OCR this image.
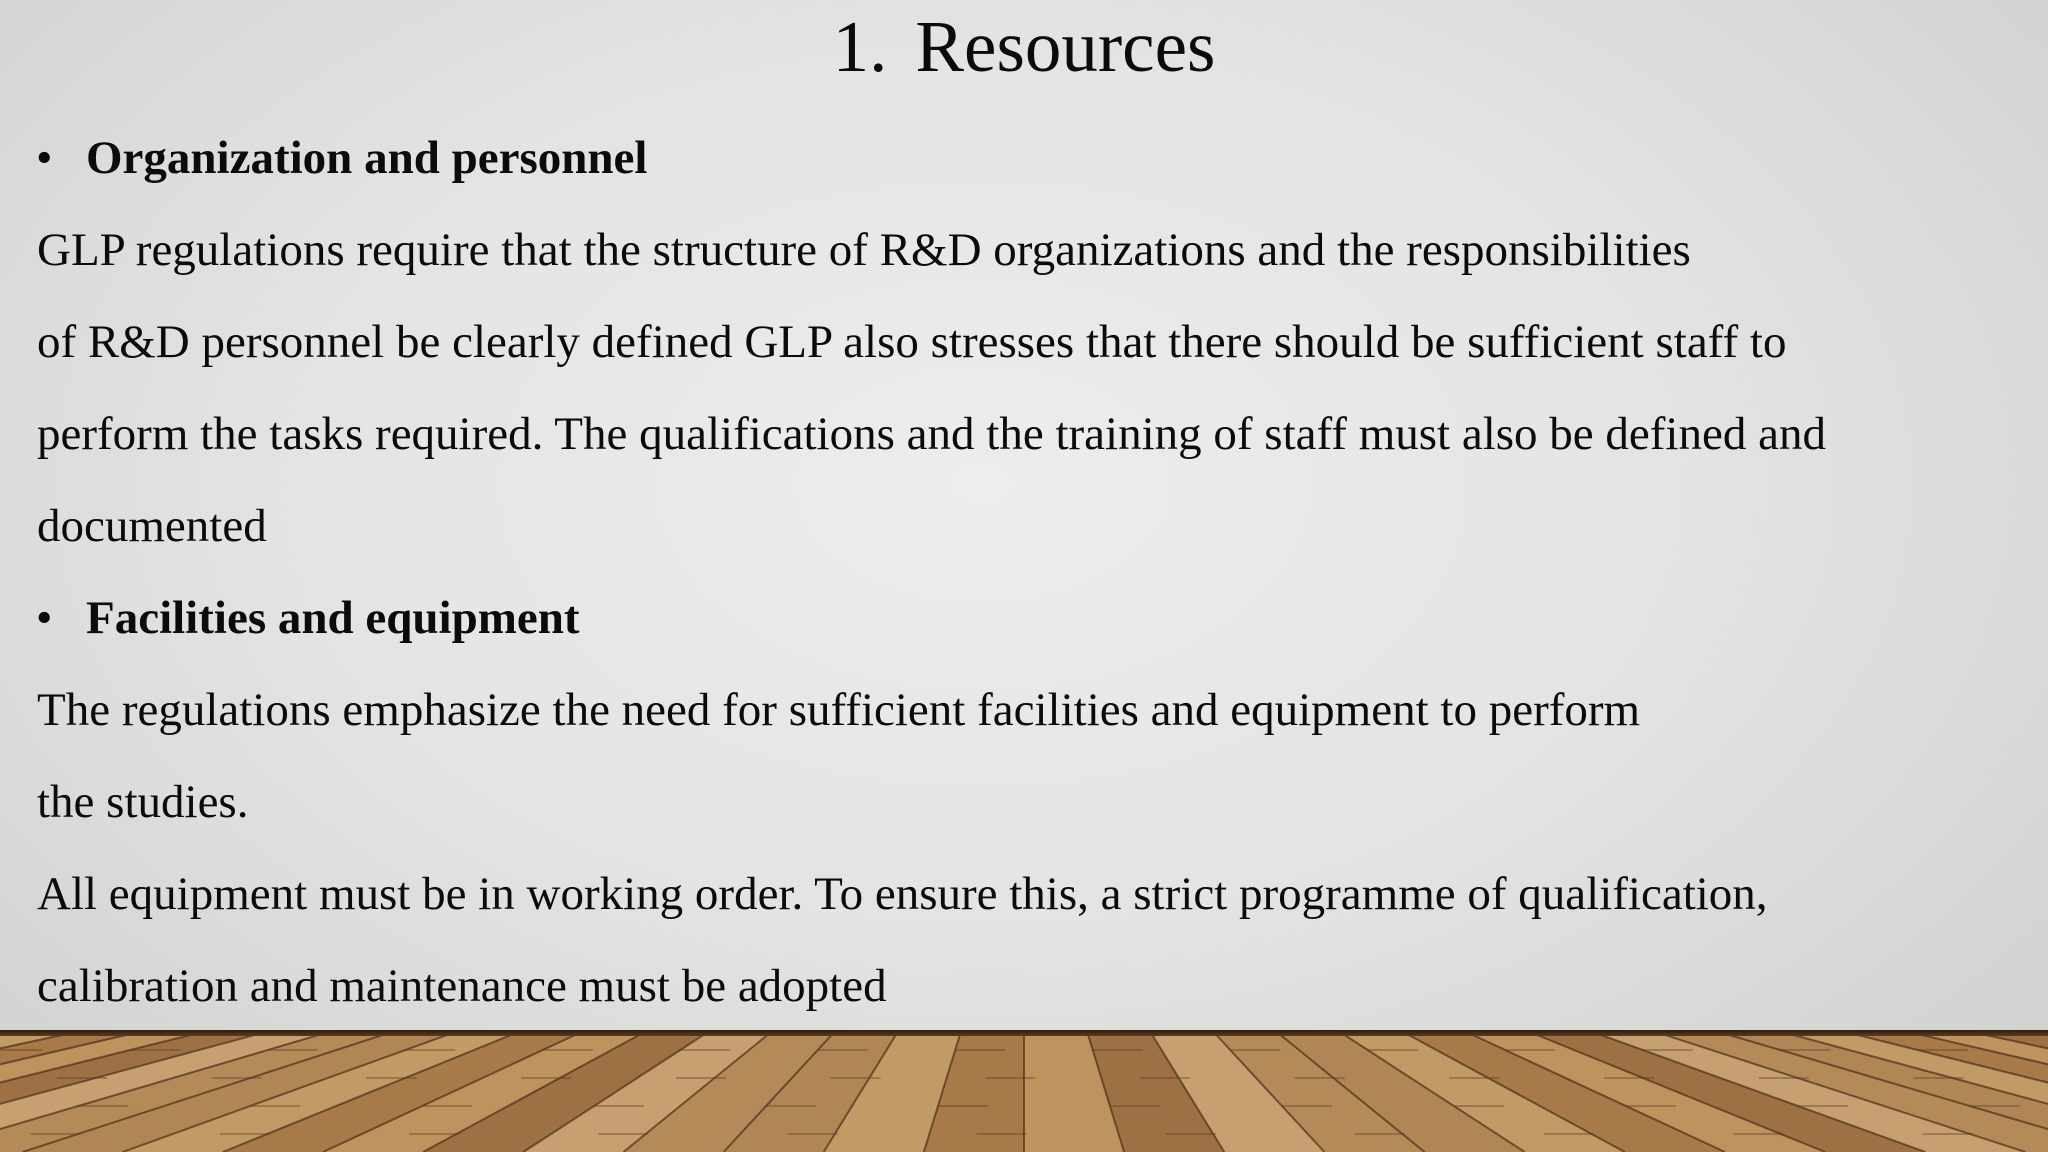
1. Resources
• Organization and personnel
GLP regulations require that the structure of R&D organizations and the responsibilities
of R&D personnel be clearly defined GLP also stresses that there should be sufficient staff to
perform the tasks required. The qualifications and the training of staff must also be defined and
documented
• Facilities and equipment
The regulations emphasize the need for sufficient facilities and equipment to perform
the studies.
All equipment must be in working order. To ensure this, a strict programme of qualification,
calibration and maintenance must be adopted
